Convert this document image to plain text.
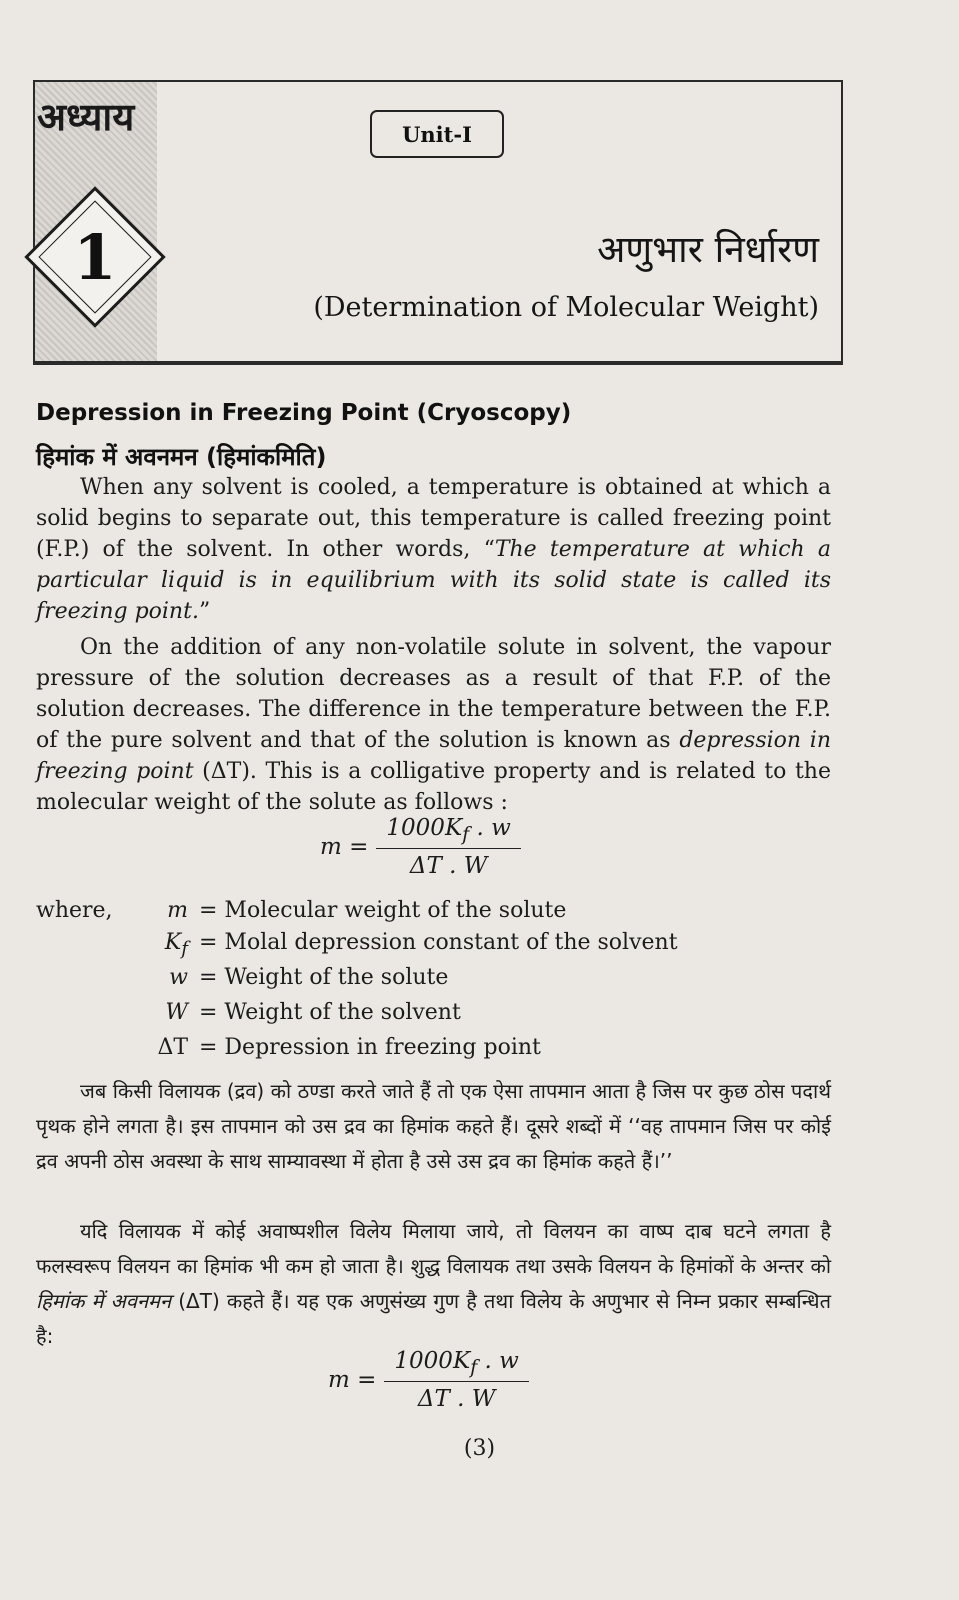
अध्याय
1
Unit-I
अणुभार निर्धारण
(Determination of Molecular Weight)
Depression in Freezing Point (Cryoscopy)
हिमांक में अवनमन (हिमांकमिति)

When any solvent is cooled, a temperature is obtained at which a solid begins to separate out, this temperature is called freezing point (F.P.) of the solvent. In other words, “The temperature at which a particular liquid is in equilibrium with its solid state is called its freezing point.”

On the addition of any non-volatile solute in solvent, the vapour pressure of the solution decreases as a result of that F.P. of the solution decreases. The difference in the temperature between the F.P. of the pure solvent and that of the solution is known as depression in freezing point (ΔT). This is a colligative property and is related to the molecular weight of the solute as follows :

$m = \frac{1000K_f . w}{\Delta T . W}$
where,	m = Molecular weight of the solute
$K_f$ = Molal depression constant of the solvent
w = Weight of the solute
W = Weight of the solvent
ΔT = Depression in freezing point

जब किसी विलायक (द्रव) को ठण्डा करते जाते हैं तो एक ऐसा तापमान आता है जिस पर कुछ ठोस पदार्थ पृथक होने लगता है। इस तापमान को उस द्रव का हिमांक कहते हैं। दूसरे शब्दों में ‘‘वह तापमान जिस पर कोई द्रव अपनी ठोस अवस्था के साथ साम्यावस्था में होता है उसे उस द्रव का हिमांक कहते हैं।’’

यदि विलायक में कोई अवाष्पशील विलेय मिलाया जाये, तो विलयन का वाष्प दाब घटने लगता है फलस्वरूप विलयन का हिमांक भी कम हो जाता है। शुद्ध विलायक तथा उसके विलयन के हिमांकों के अन्तर को हिमांक में अवनमन (ΔT) कहते हैं। यह एक अणुसंख्य गुण है तथा विलेय के अणुभार से निम्न प्रकार सम्बन्धित है:

$m = \frac{1000K_f . w}{\Delta T . W}$
(3)
